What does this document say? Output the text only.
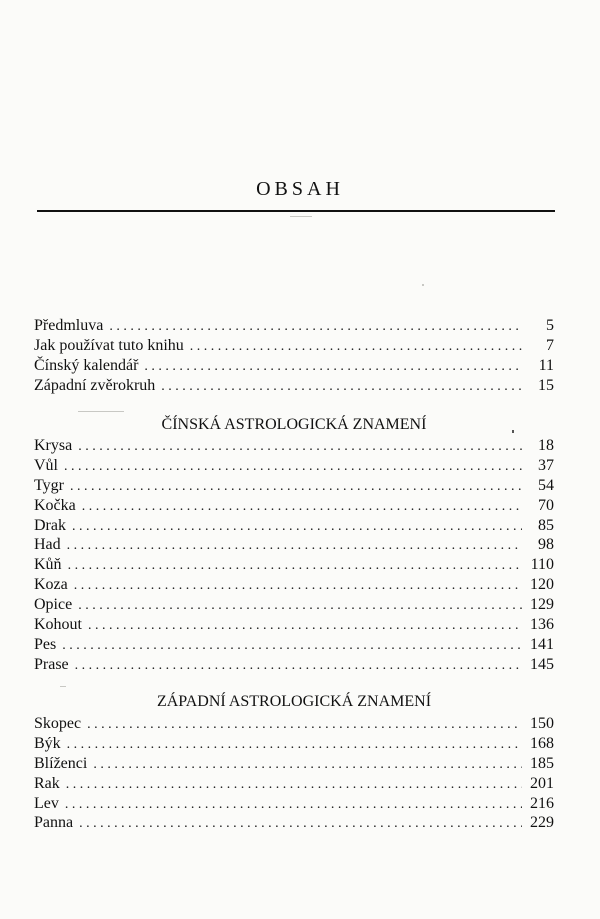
OBSAH
Předmluva . . .	5
Jak používat tuto knihu . . .	7
Čínský kalendář . . .	11
Západní zvěrokruh . . .	15
ČÍNSKÁ ASTROLOGICKÁ ZNAMENÍ
Krysa . . .	18
Vůl . . .	37
Tygr . . .	54
Kočka . . .	70
Drak . . .	85
Had . . .	98
Kůň . . .	110
Koza . . .	120
Opice . . .	129
Kohout . . .	136
Pes . . .	141
Prase . . .	145
ZÁPADNÍ ASTROLOGICKÁ ZNAMENÍ
Skopec . . .	150
Býk . . .	168
Blíženci . . .	185
Rak . . .	201
Lev . . .	216
Panna . . .	229
